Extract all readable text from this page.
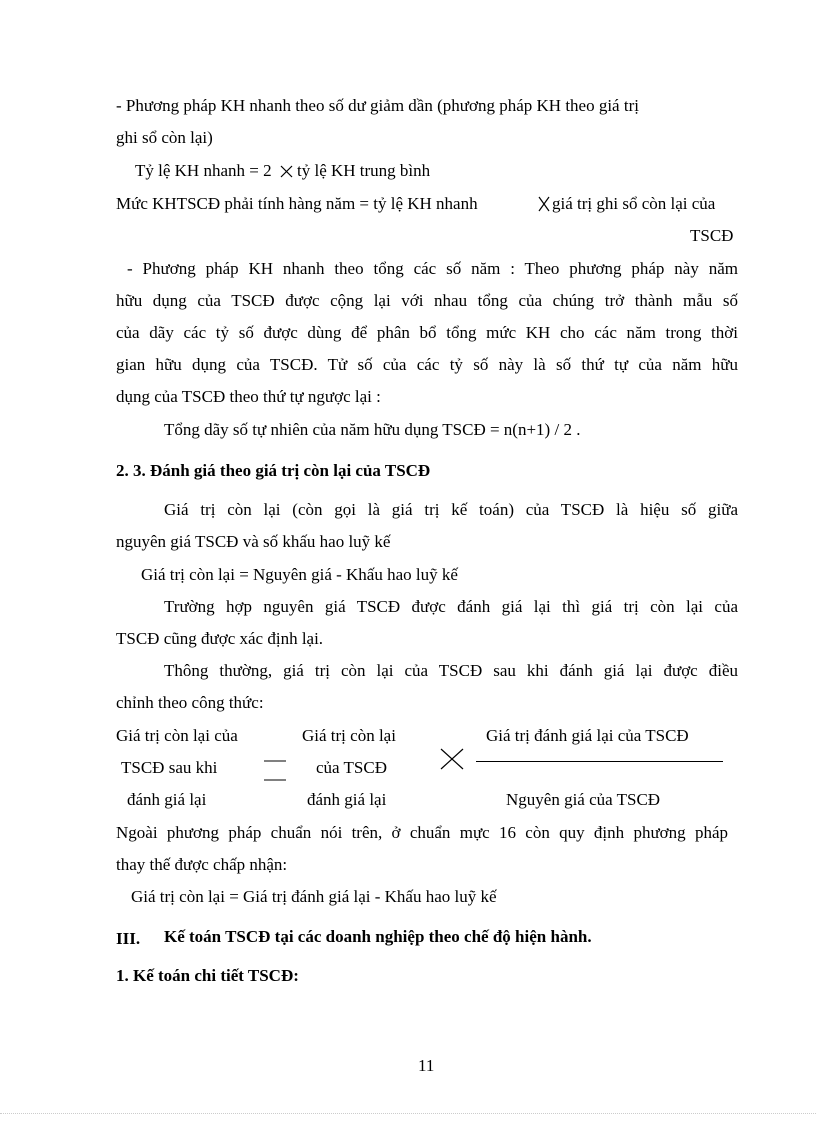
- Phương pháp KH nhanh theo số dư giảm dần (phương pháp KH theo giá trị
ghi sổ còn lại)
Tỷ lệ KH nhanh = 2 tỷ lệ KH trung bình
Mức KHTSCĐ phải tính hàng năm = tỷ lệ KH nhanh	giá trị ghi sổ còn lại của
TSCĐ
- Phương pháp KH nhanh theo tổng các số năm : Theo phương pháp này năm
hữu dụng của TSCĐ được cộng lại với nhau tổng của chúng trở thành mẫu số
của dãy các tỷ số được dùng để phân bổ tổng mức KH cho các năm trong thời
gian hữu dụng của TSCĐ. Tử số của các tỷ số này là số thứ tự của năm hữu
dụng của TSCĐ theo thứ tự ngược lại :
Tổng dãy số tự nhiên của năm hữu dụng TSCĐ = n(n+1) / 2 .
2. 3. Đánh giá theo giá trị còn lại của TSCĐ
Giá trị còn lại (còn gọi là giá trị kế toán) của TSCĐ là hiệu số giữa
nguyên giá TSCĐ và số khấu hao luỹ kế
Giá trị còn lại = Nguyên giá - Khấu hao luỹ kế
Trường hợp nguyên giá TSCĐ được đánh giá lại thì giá trị còn lại của
TSCĐ cũng được xác định lại.
Thông thường, giá trị còn lại của TSCĐ sau khi đánh giá lại được điều
chỉnh theo công thức:
Giá trị còn lại của
TSCĐ sau khi
đánh giá lại
Giá trị còn lại
của TSCĐ
đánh giá lại
Giá trị đánh giá lại của TSCĐ
Nguyên giá của TSCĐ
Ngoài phương pháp chuẩn nói trên, ở chuẩn mực 16 còn quy định phương pháp
thay thế được chấp nhận:
Giá trị còn lại = Giá trị đánh giá lại - Khấu hao luỹ kế
III. Kế toán TSCĐ tại các doanh nghiệp theo chế độ hiện hành.
1. Kế toán chi tiết TSCĐ:
11
